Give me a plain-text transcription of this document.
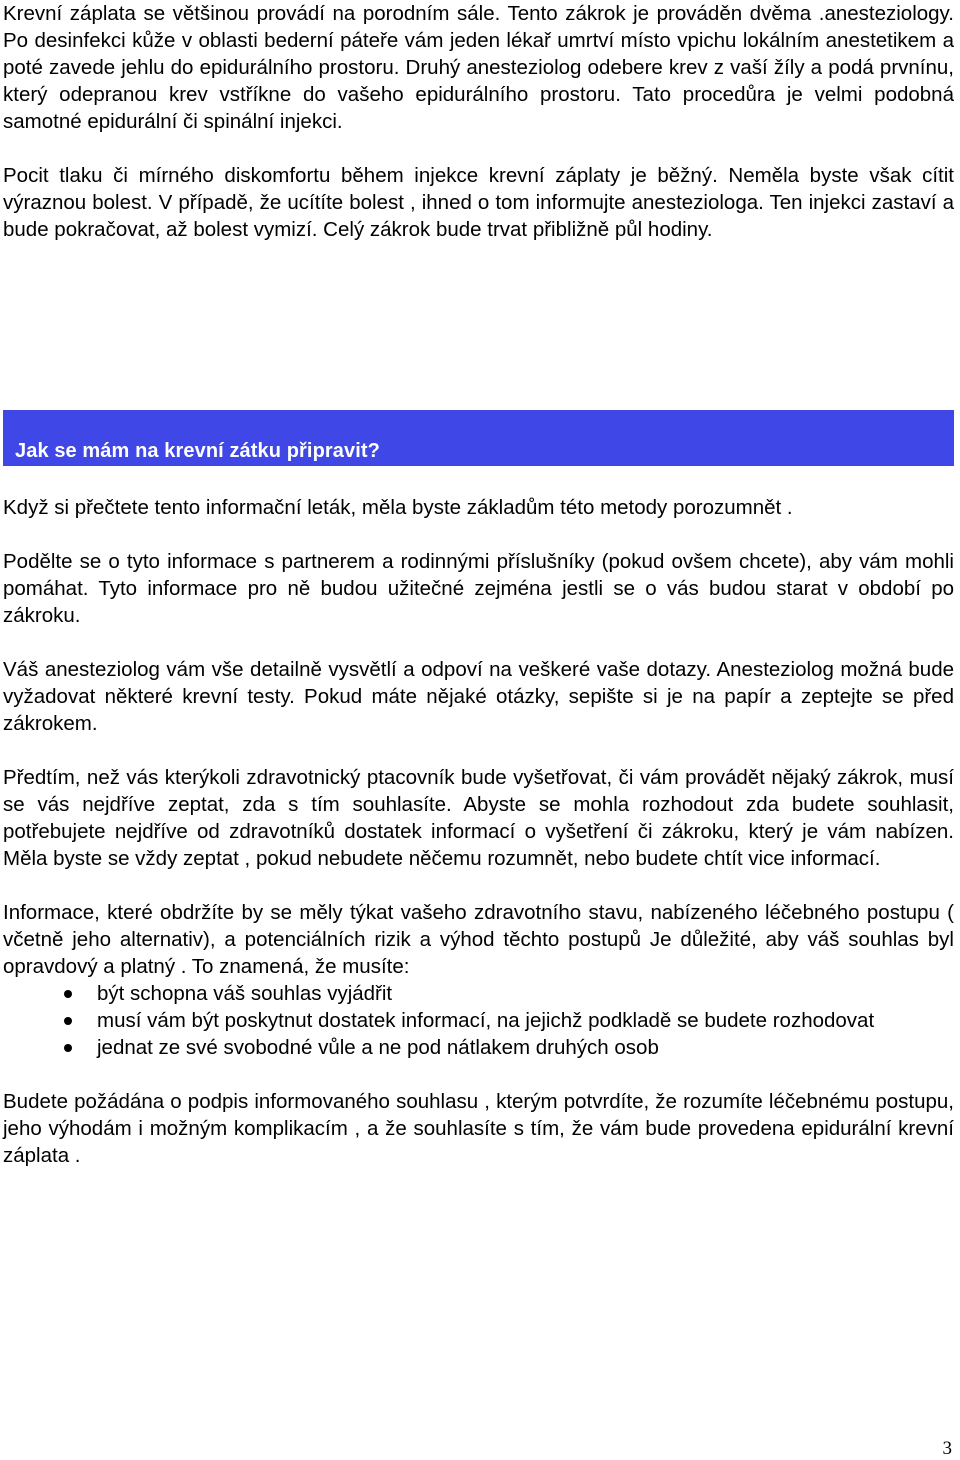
Krevní záplata se většinou provádí na porodním sále. Tento zákrok je prováděn dvěma .anesteziology. Po desinfekci kůže v oblasti bederní páteře vám jeden lékař umrtví místo vpichu lokálním anestetikem a poté zavede jehlu do epidurálního prostoru. Druhý anesteziolog odebere krev z vaší žíly a podá prvnínu, který odepranou krev vstříkne do vašeho epidurálního prostoru. Tato procedůra je velmi podobná samotné epidurální či spinální injekci.

Pocit tlaku či mírného diskomfortu během injekce krevní záplaty je běžný. Neměla byste však cítit výraznou bolest. V případě, že ucítíte bolest , ihned o tom informujte anesteziologa. Ten injekci zastaví a bude pokračovat, až bolest vymizí. Celý zákrok bude trvat přibližně půl hodiny.

Jak se mám na krevní zátku připravit?

Když si přečtete tento informační leták, měla byste základům této metody porozumnět .

Podělte se o tyto informace s partnerem a rodinnými příslušníky (pokud ovšem chcete), aby vám mohli pomáhat. Tyto informace pro ně budou užitečné zejména jestli se o vás budou starat v období po zákroku.

Váš anesteziolog vám vše detailně vysvětlí a odpoví na veškeré vaše dotazy. Anesteziolog možná bude vyžadovat některé krevní testy. Pokud máte nějaké otázky, sepište si je na papír a zeptejte se před zákrokem.

Předtím, než vás kterýkoli zdravotnický ptacovník bude vyšetřovat, či vám provádět nějaký zákrok, musí se vás nejdříve zeptat, zda s tím souhlasíte. Abyste se mohla rozhodout zda budete souhlasit, potřebujete nejdříve od zdravotníků dostatek informací o vyšetření či zákroku, který je vám nabízen. Měla byste se vždy zeptat , pokud nebudete něčemu rozumnět, nebo budete chtít vice informací.

Informace, které obdržíte by se měly týkat vašeho zdravotního stavu, nabízeného léčebného postupu ( včetně jeho alternativ), a potenciálních rizik a výhod těchto postupů Je důležité, aby váš souhlas byl opravdový a platný . To znamená, že musíte:

být schopna váš souhlas vyjádřit
musí vám být poskytnut dostatek informací, na jejichž podkladě se budete rozhodovat
jednat ze své svobodné vůle a ne pod nátlakem druhých osob

Budete požádána o podpis informovaného souhlasu , kterým potvrdíte, že rozumíte léčebnému postupu, jeho výhodám i možným komplikacím , a že souhlasíte s tím, že vám bude provedena epidurální krevní záplata .

3
